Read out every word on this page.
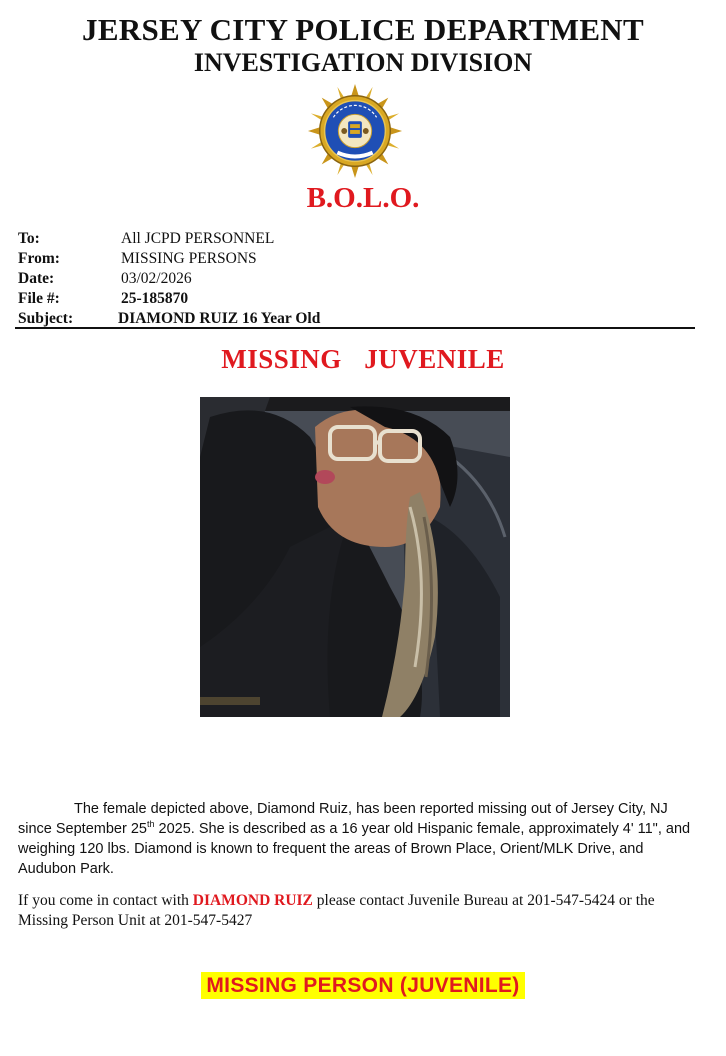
JERSEY CITY POLICE DEPARTMENT
INVESTIGATION DIVISION
B.O.L.O.
To:	All JCPD PERSONNEL
From:	MISSING PERSONS
Date:	03/02/2026
File #:	25-185870
Subject:	DIAMOND RUIZ 16 Year Old
MISSING  JUVENILE
The female depicted above, Diamond Ruiz, has been reported missing out of Jersey City, NJ since September 25th 2025. She is described as a 16 year old Hispanic female, approximately 4' 11", and weighing 120 lbs. Diamond is known to frequent the areas of Brown Place, Orient/MLK Drive, and Audubon Park.
If you come in contact with DIAMOND RUIZ please contact Juvenile Bureau at 201-547-5424 or the Missing Person Unit at 201-547-5427
MISSING PERSON (JUVENILE)
